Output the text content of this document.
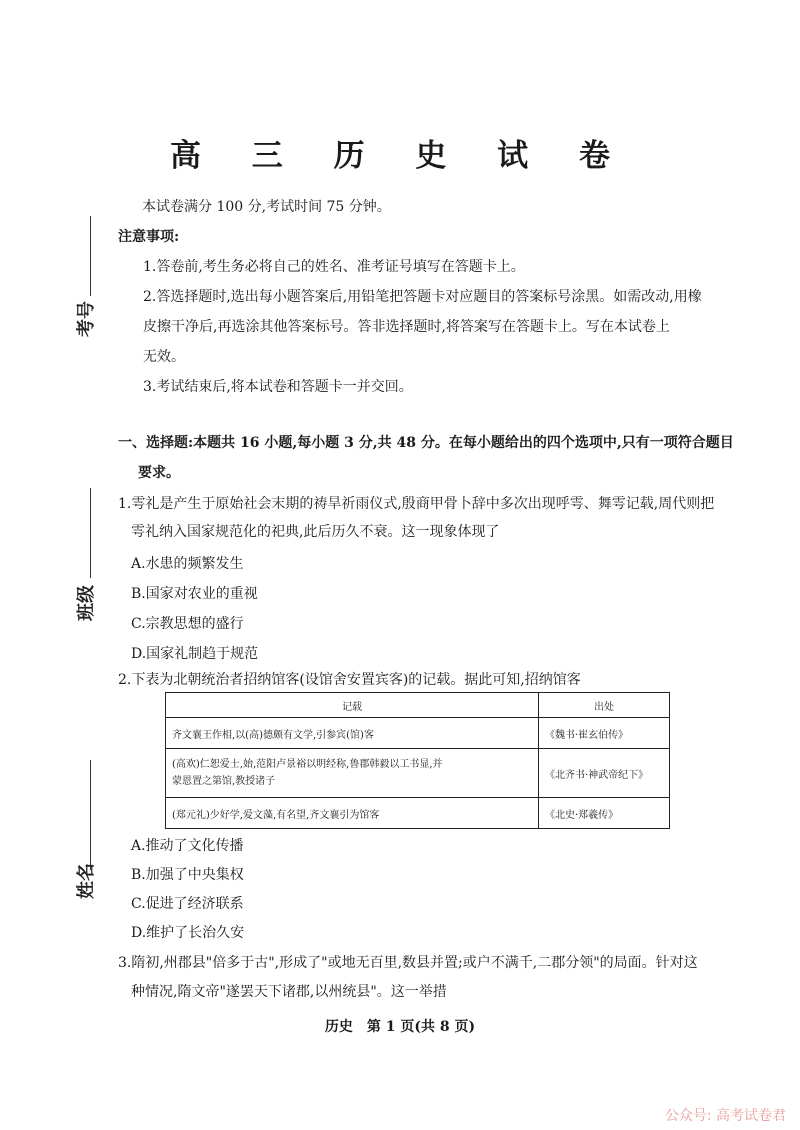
高 三 历 史 试 卷
本试卷满分 100 分,考试时间 75 分钟。
注意事项:
1.答卷前,考生务必将自己的姓名、准考证号填写在答题卡上。
2.答选择题时,选出每小题答案后,用铅笔把答题卡对应题目的答案标号涂黑。如需改动,用橡
皮擦干净后,再选涂其他答案标号。答非选择题时,将答案写在答题卡上。写在本试卷上
无效。
3.考试结束后,将本试卷和答题卡一并交回。
一、选择题:本题共 16 小题,每小题 3 分,共 48 分。在每小题给出的四个选项中,只有一项符合题目
要求。
考号
班级
姓名
1.雩礼是产生于原始社会末期的祷旱祈雨仪式,殷商甲骨卜辞中多次出现呼雩、舞雩记载,周代则把
雩礼纳入国家规范化的祀典,此后历久不衰。这一现象体现了
A.水患的频繁发生
B.国家对农业的重视
C.宗教思想的盛行
D.国家礼制趋于规范
2.下表为北朝统治者招纳馆客(设馆舍安置宾客)的记载。据此可知,招纳馆客
记载	出处
齐文襄王作相,以(高)德颇有文学,引参宾(馆)客	《魏书·崔玄伯传》
(高欢)仁恕爱士,始,范阳卢景裕以明经称,鲁郡韩毅以工书显,并
蒙恩置之第馆,教授诸子	《北齐书·神武帝纪下》
(郑元礼)少好学,爱文藻,有名望,齐文襄引为馆客	《北史·郑羲传》
A.推动了文化传播
B.加强了中央集权
C.促进了经济联系
D.维护了长治久安
3.隋初,州郡县"倍多于古",形成了"或地无百里,数县并置;或户不满千,二郡分领"的局面。针对这
种情况,隋文帝"遂罢天下诸郡,以州统县"。这一举措
历史　第 1 页(共 8 页)
公众号: 高考试卷君
